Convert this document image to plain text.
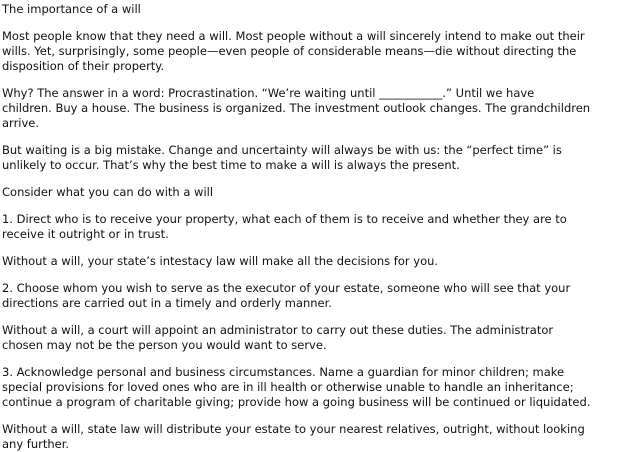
The importance of a will

Most people know that they need a will. Most people without a will sincerely intend to make out their
wills. Yet, surprisingly, some people—even people of considerable means—die without directing the
disposition of their property.

Why? The answer in a word: Procrastination. “We’re waiting until ___________.” Until we have
children. Buy a house. The business is organized. The investment outlook changes. The grandchildren
arrive.

But waiting is a big mistake. Change and uncertainty will always be with us: the “perfect time” is
unlikely to occur. That’s why the best time to make a will is always the present.

Consider what you can do with a will

1. Direct who is to receive your property, what each of them is to receive and whether they are to
receive it outright or in trust.

Without a will, your state’s intestacy law will make all the decisions for you.

2. Choose whom you wish to serve as the executor of your estate, someone who will see that your
directions are carried out in a timely and orderly manner.

Without a will, a court will appoint an administrator to carry out these duties. The administrator
chosen may not be the person you would want to serve.

3. Acknowledge personal and business circumstances. Name a guardian for minor children; make
special provisions for loved ones who are in ill health or otherwise unable to handle an inheritance;
continue a program of charitable giving; provide how a going business will be continued or liquidated.

Without a will, state law will distribute your estate to your nearest relatives, outright, without looking
any further.
